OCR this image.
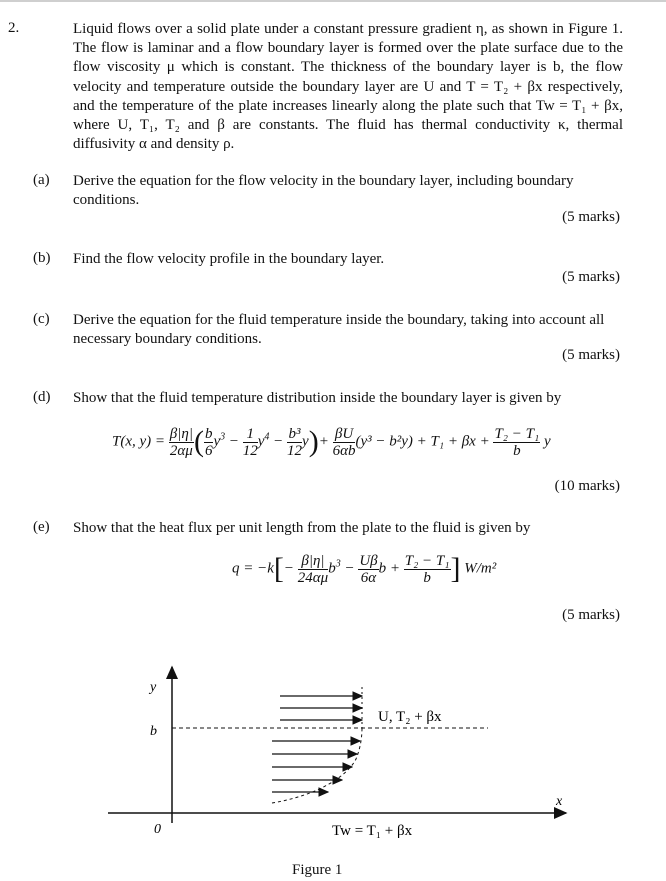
2.	Liquid flows over a solid plate under a constant pressure gradient η, as shown in Figure 1. The flow is laminar and a flow boundary layer is formed over the plate surface due to the flow viscosity μ which is constant. The thickness of the boundary layer is b, the flow velocity and temperature outside the boundary layer are U and T = T₂ + βx respectively, and the temperature of the plate increases linearly along the plate such that Tw = T₁ + βx, where U, T₁, T₂ and β are constants. The fluid has thermal conductivity κ, thermal diffusivity α and density ρ.
(a) Derive the equation for the flow velocity in the boundary layer, including boundary conditions.
(5 marks)
(b) Find the flow velocity profile in the boundary layer.
(5 marks)
(c) Derive the equation for the fluid temperature inside the boundary, taking into account all necessary boundary conditions.
(5 marks)
(d) Show that the fluid temperature distribution inside the boundary layer is given by
T(x, $y) = \frac{\beta|\eta|}{2\alpha\mu}$ ( $\frac{b}{6} y^3 - \frac{1}{12} y^4 - \frac{\text{b³}}{12} y)+ \frac{\beta U}{6\alpha b} (y^3 - b^2y) + T_1 + \beta x + \frac{\text{T₂ − T₁}}{b}$ y
(10 marks)
(e) Show that the heat flux per unit length from the plate to the fluid is given by
$q = -k[- \frac{\beta|\eta|}{24\alpha\mu} b^3 - \frac{U\beta}{6\alpha}$ $b + \frac{\text{T₂ − T₁}}{b}$ ] W/m²
(5 marks)
y
b
0
x
U, T₂ + βx
Tw = T₁ + βx
Figure 1
